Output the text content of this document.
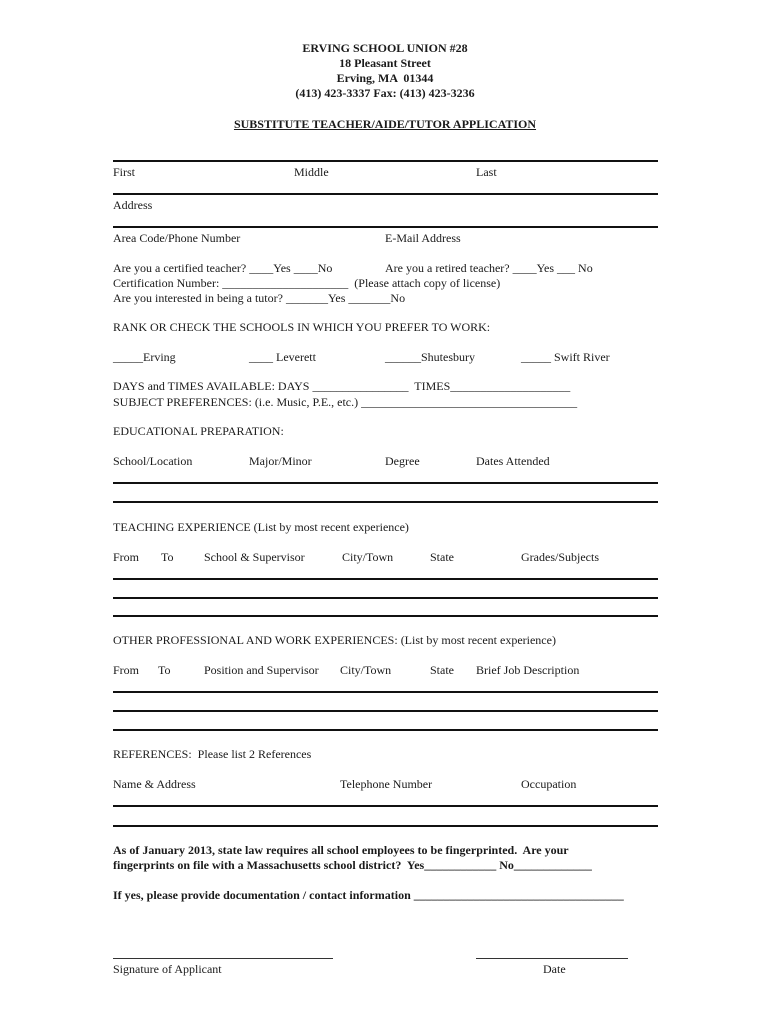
ERVING SCHOOL UNION #28
18 Pleasant Street
Erving, MA  01344
(413) 423-3337 Fax: (413) 423-3236
SUBSTITUTE TEACHER/AIDE/TUTOR APPLICATION
First	Middle	Last
Address
Area Code/Phone Number	E-Mail Address
Are you a certified teacher? ____Yes ____No	Are you a retired teacher? ____Yes ___ No
Certification Number: _____________________  (Please attach copy of license)
Are you interested in being a tutor? _______Yes _______No
RANK OR CHECK THE SCHOOLS IN WHICH YOU PREFER TO WORK:
_____Erving	____ Leverett	______Shutesbury	_____ Swift River
DAYS and TIMES AVAILABLE: DAYS ________________  TIMES____________________
SUBJECT PREFERENCES: (i.e. Music, P.E., etc.) ____________________________________
EDUCATIONAL PREPARATION:
School/Location	Major/Minor	Degree	Dates Attended
TEACHING EXPERIENCE (List by most recent experience)
From To	School & Supervisor	City/Town	State	Grades/Subjects
OTHER PROFESSIONAL AND WORK EXPERIENCES: (List by most recent experience)
From To	Position and Supervisor City/Town	State Brief Job Description
REFERENCES:  Please list 2 References
Name & Address	Telephone Number	Occupation
As of January 2013, state law requires all school employees to be fingerprinted.  Are your
fingerprints on file with a Massachusetts school district?  Yes____________ No_____________
If yes, please provide documentation / contact information ___________________________________
Signature of Applicant	Date
